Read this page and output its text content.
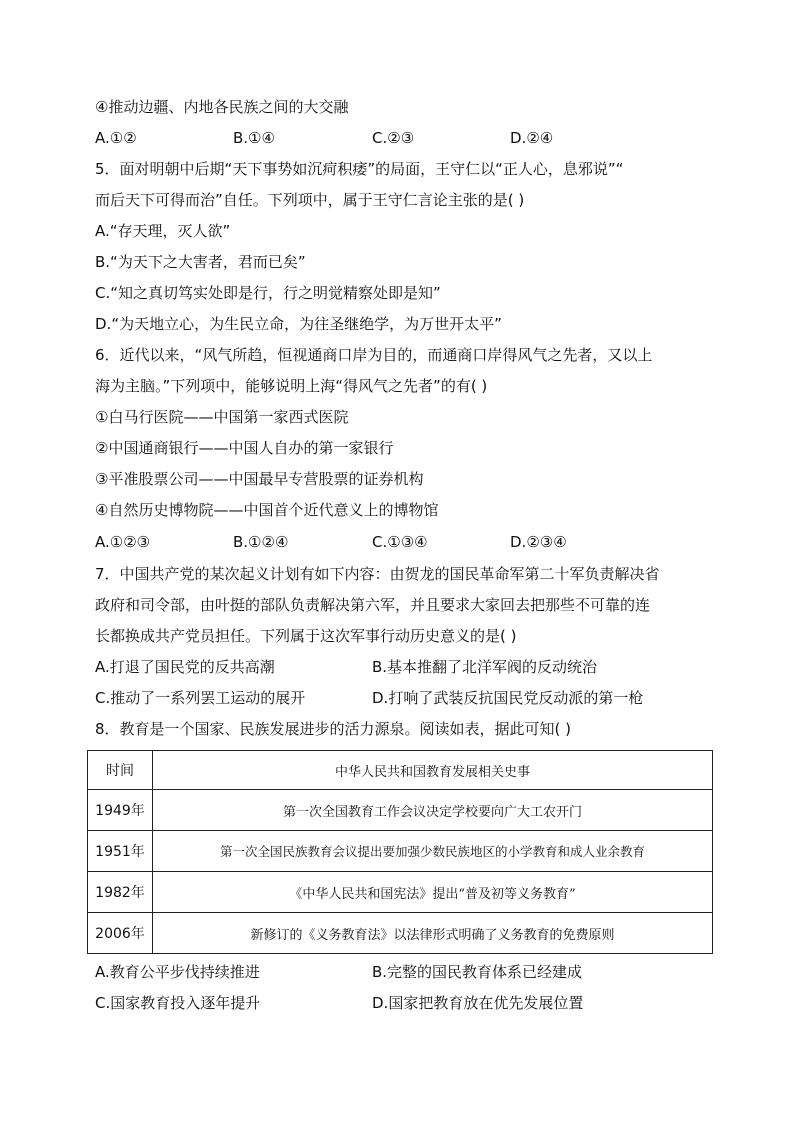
④推动边疆、内地各民族之间的大交融
A.①②	B.①④	C.②③	D.②④
5．面对明朝中后期“天下事势如沉疴积痿”的局面，王守仁以“正人心，息邪说”“
而后天下可得而治”自任。下列项中，属于王守仁言论主张的是( )
A.“存天理，灭人欲”
B.“为天下之大害者，君而已矣”
C.“知之真切笃实处即是行，行之明觉精察处即是知”
D.“为天地立心，为生民立命，为往圣继绝学，为万世开太平”
6．近代以来，“风气所趋，恒视通商口岸为目的，而通商口岸得风气之先者，又以上
海为主脑。”下列项中，能够说明上海“得风气之先者”的有( )
①白马行医院——中国第一家西式医院
②中国通商银行——中国人自办的第一家银行
③平准股票公司——中国最早专营股票的证券机构
④自然历史博物院——中国首个近代意义上的博物馆
A.①②③	B.①②④	C.①③④	D.②③④
7．中国共产党的某次起义计划有如下内容：由贺龙的国民革命军第二十军负责解决省
政府和司令部，由叶挺的部队负责解决第六军，并且要求大家回去把那些不可靠的连
长都换成共产党员担任。下列属于这次军事行动历史意义的是( )
A.打退了国民党的反共高潮	B.基本推翻了北洋军阀的反动统治
C.推动了一系列罢工运动的展开	D.打响了武装反抗国民党反动派的第一枪
8．教育是一个国家、民族发展进步的活力源泉。阅读如表，据此可知( )
时间	中华人民共和国教育发展相关史事
1949年	第一次全国教育工作会议决定学校要向广大工农开门
1951年	第一次全国民族教育会议提出要加强少数民族地区的小学教育和成人业余教育
1982年	《中华人民共和国宪法》提出“普及初等义务教育”
2006年	新修订的《义务教育法》以法律形式明确了义务教育的免费原则
A.教育公平步伐持续推进	B.完整的国民教育体系已经建成
C.国家教育投入逐年提升	D.国家把教育放在优先发展位置
